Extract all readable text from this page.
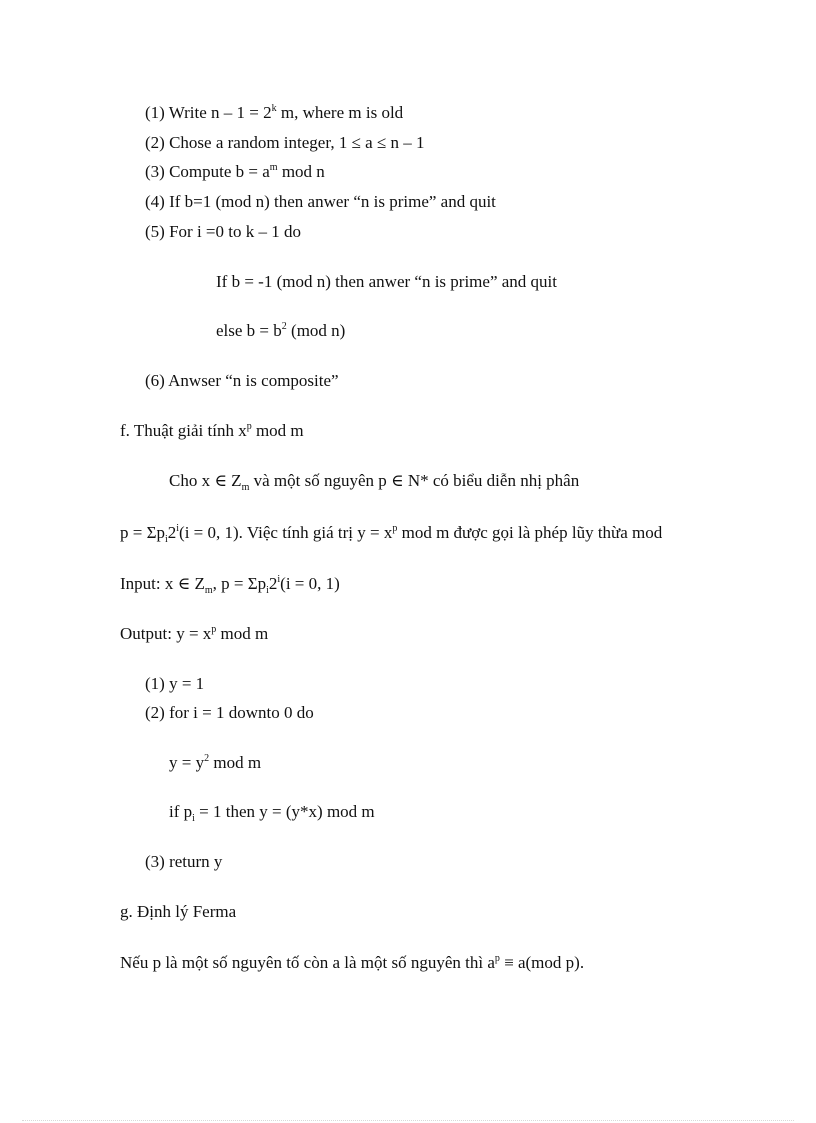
(1) Write $n - 1 = 2^k$ m, where m is old
(2) Chose a random integer, 1 ≤ a ≤ n – 1
(3) Compute $b = a^m$ mod n
(4) If b=1 (mod n) then anwer “n is prime” and quit
(5) For i =0 to k – 1 do
If b = -1 (mod n) then anwer “n is prime” and quit
else $b = b^2$ (mod n)
(6) Anwser “n is composite”
f. Thuật giải tính $x^p$ mod m
Cho x ∈ $Z_m$ và một số nguyên p ∈ N* có biểu diễn nhị phân
$p = \Sigma p_i2^i(i = 0$, 1). Việc tính giá trị $y = x^p$ mod m được gọi là phép lũy thừa mod
Input: x ∈ $Z_m$, $p = \Sigma p_i2^i(i = 0$, 1)
Output: $y = x^p$ mod m
(1) y = 1
(2) for i = 1 downto 0 do
$y = y^2$ mod m
if $p_i = 1$ then y = (y*x) mod m
(3) return y
g. Định lý Ferma
Nếu p là một số nguyên tố còn a là một số nguyên thì $a^p \equiv a(mod$ p).
